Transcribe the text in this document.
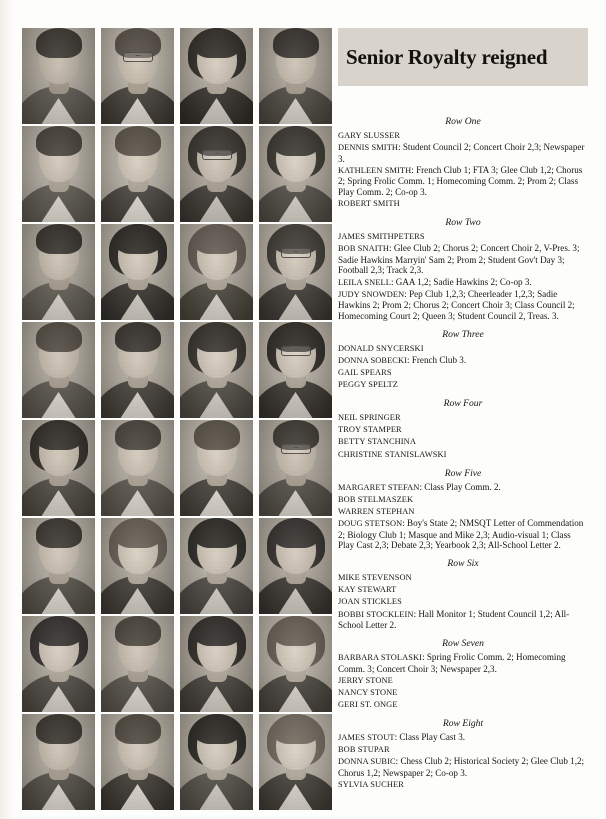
Senior Royalty reigned

Row One

GARY SLUSSER

DENNIS SMITH: Student Council 2; Concert Choir 2,3; Newspaper 3.

KATHLEEN SMITH: French Club 1; FTA 3; Glee Club 1,2; Chorus 2; Spring Frolic Comm. 1; Homecoming Comm. 2; Prom 2; Class Play Comm. 2; Co-op 3.

ROBERT SMITH

Row Two

JAMES SMITHPETERS

BOB SNAITH: Glee Club 2; Chorus 2; Concert Choir 2, V-Pres. 3; Sadie Hawkins Marryin' Sam 2; Prom 2; Student Gov't Day 3; Football 2,3; Track 2,3.

LEILA SNELL: GAA 1,2; Sadie Hawkins 2; Co-op 3.

JUDY SNOWDEN: Pep Club 1,2,3; Cheerleader 1,2,3; Sadie Hawkins 2; Prom 2; Chorus 2; Concert Choir 3; Class Council 2; Homecoming Court 2; Queen 3; Student Council 2, Treas. 3.

Row Three

DONALD SNYCERSKI

DONNA SOBECKI: French Club 3.

GAIL SPEARS

PEGGY SPELTZ

Row Four

NEIL SPRINGER

TROY STAMPER

BETTY STANCHINA

CHRISTINE STANISLAWSKI

Row Five

MARGARET STEFAN: Class Play Comm. 2.

BOB STELMASZEK

WARREN STEPHAN

DOUG STETSON: Boy's State 2; NMSQT Letter of Commendation 2; Biology Club 1; Masque and Mike 2,3; Audio-visual 1; Class Play Cast 2,3; Debate 2,3; Yearbook 2,3; All-School Letter 2.

Row Six

MIKE STEVENSON

KAY STEWART

JOAN STICKLES

BOBBI STOCKLEIN: Hall Monitor 1; Student Council 1,2; All-School Letter 2.

Row Seven

BARBARA STOLASKI: Spring Frolic Comm. 2; Homecoming Comm. 3; Concert Choir 3; Newspaper 2,3.

JERRY STONE

NANCY STONE

GERI ST. ONGE

Row Eight

JAMES STOUT: Class Play Cast 3.

BOB STUPAR

DONNA SUBIC: Chess Club 2; Historical Society 2; Glee Club 1,2; Chorus 1,2; Newspaper 2; Co-op 3.

SYLVIA SUCHER
